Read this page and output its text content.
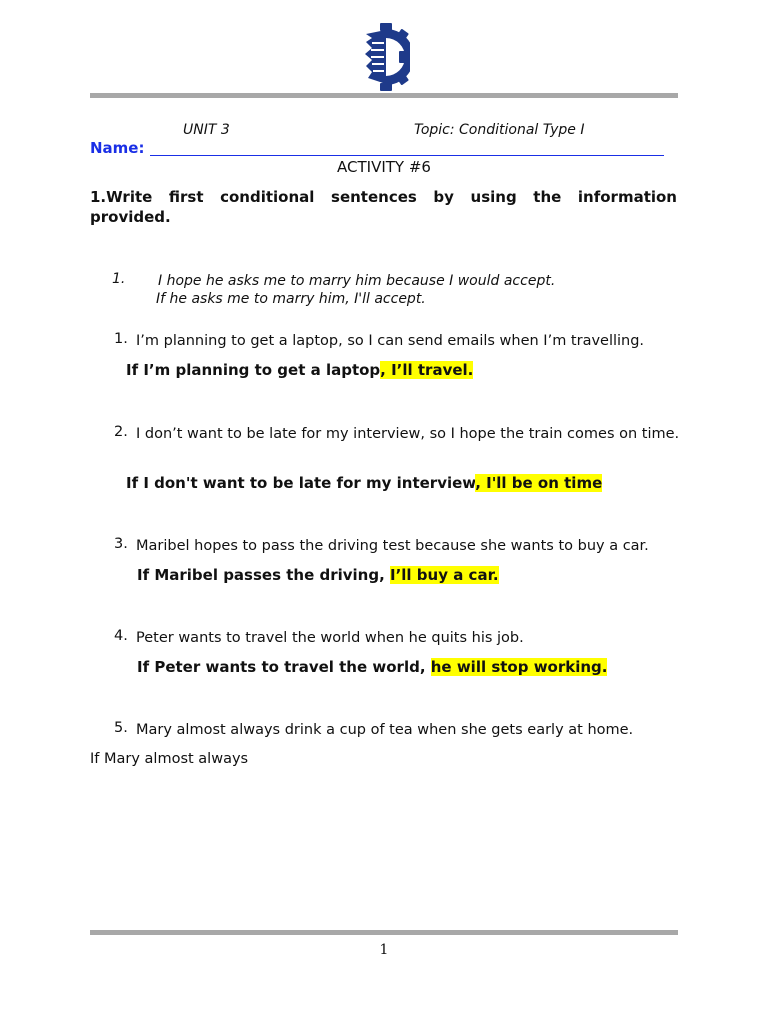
UNIT 3	Topic: Conditional Type I
Name:
ACTIVITY #6
1.Write first conditional sentences by using the information provided.
1. I hope he asks me to marry him because I would accept.
If he asks me to marry him, I'll accept.
1. I’m planning to get a laptop, so I can send emails when I’m travelling.
If I’m planning to get a laptop, I’ll travel.
2. I don’t want to be late for my interview, so I hope the train comes on time.
If I don't want to be late for my interview, I'll be on time
3. Maribel hopes to pass the driving test because she wants to buy a car.
If Maribel passes the driving, I’ll buy a car.
4. Peter wants to travel the world when he quits his job.
If Peter wants to travel the world, he will stop working.
5. Mary almost always drink a cup of tea when she gets early at home.
If Mary almost always
1
